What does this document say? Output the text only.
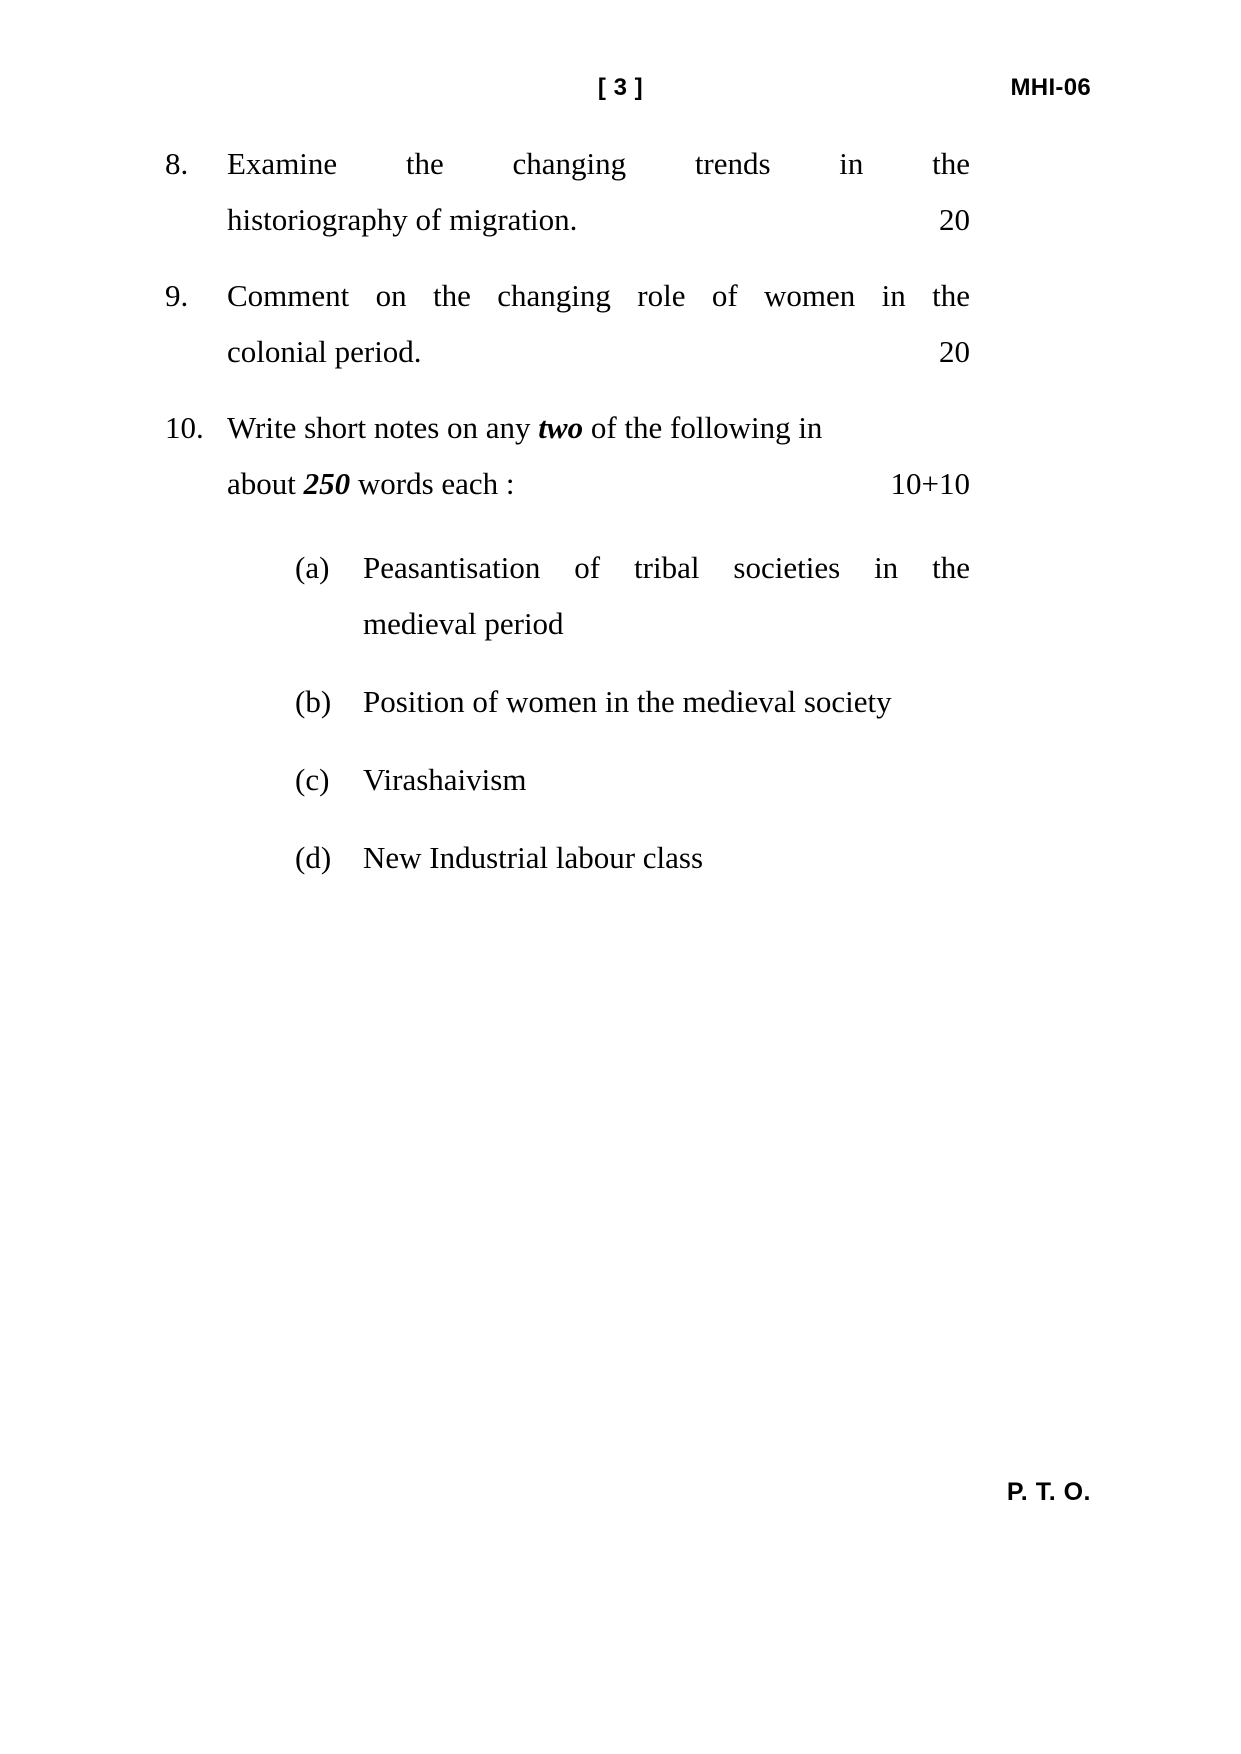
[ 3 ]	MHI-06
8.	Examine the changing trends in the
20
historiography of migration.
9.	Comment on the changing role of women in the
20
colonial period.
10. Write short notes on any two of the following in
10+10
about 250 words each :
(a)	Peasantisation of tribal societies in the
medieval period
(b)	Position of women in the medieval society
(c)	Virashaivism
(d)	New Industrial labour class
P. T. O.
